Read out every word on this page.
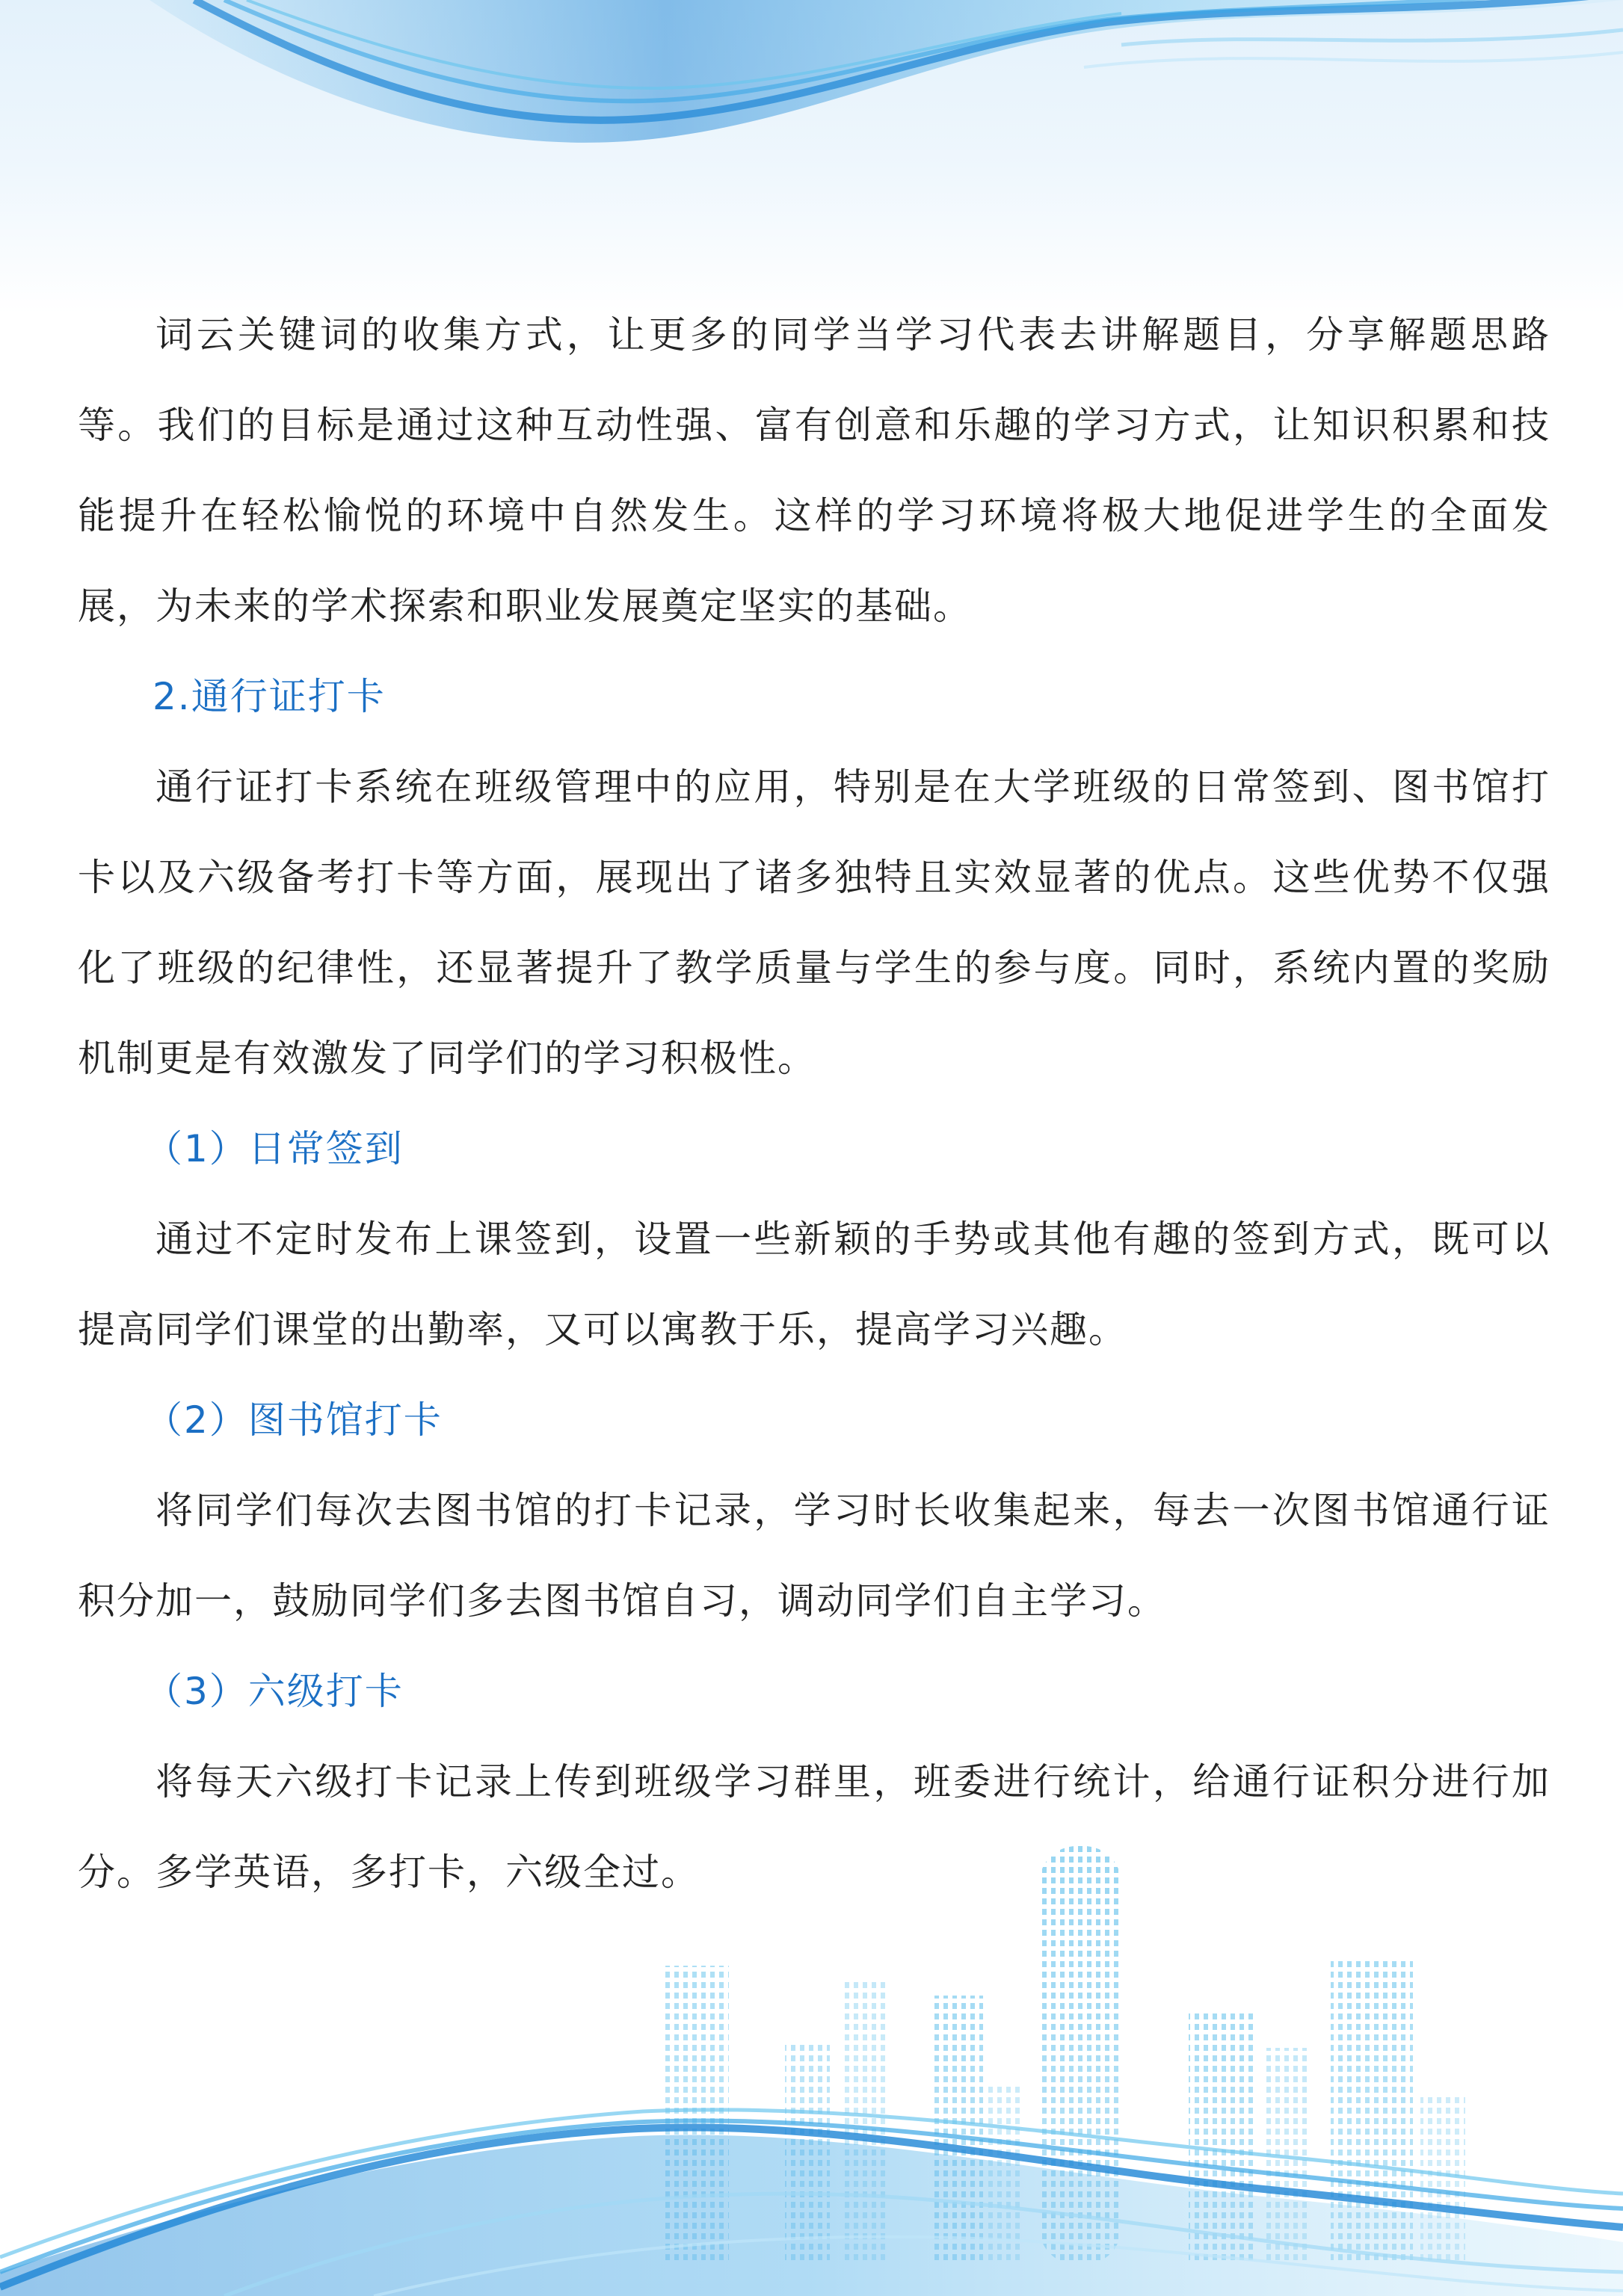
词云关键词的收集方式，让更多的同学当学习代表去讲解题目，分享解题思路等。我们的目标是通过这种互动性强、富有创意和乐趣的学习方式，让知识积累和技能提升在轻松愉悦的环境中自然发生。这样的学习环境将极大地促进学生的全面发展，为未来的学术探索和职业发展奠定坚实的基础。

2.通行证打卡

通行证打卡系统在班级管理中的应用，特别是在大学班级的日常签到、图书馆打卡以及六级备考打卡等方面，展现出了诸多独特且实效显著的优点。这些优势不仅强化了班级的纪律性，还显著提升了教学质量与学生的参与度。同时，系统内置的奖励机制更是有效激发了同学们的学习积极性。

（1）日常签到

通过不定时发布上课签到，设置一些新颖的手势或其他有趣的签到方式，既可以提高同学们课堂的出勤率，又可以寓教于乐，提高学习兴趣。

（2）图书馆打卡

将同学们每次去图书馆的打卡记录，学习时长收集起来，每去一次图书馆通行证积分加一，鼓励同学们多去图书馆自习，调动同学们自主学习。

（3）六级打卡

将每天六级打卡记录上传到班级学习群里，班委进行统计，给通行证积分进行加分。多学英语，多打卡，六级全过。
